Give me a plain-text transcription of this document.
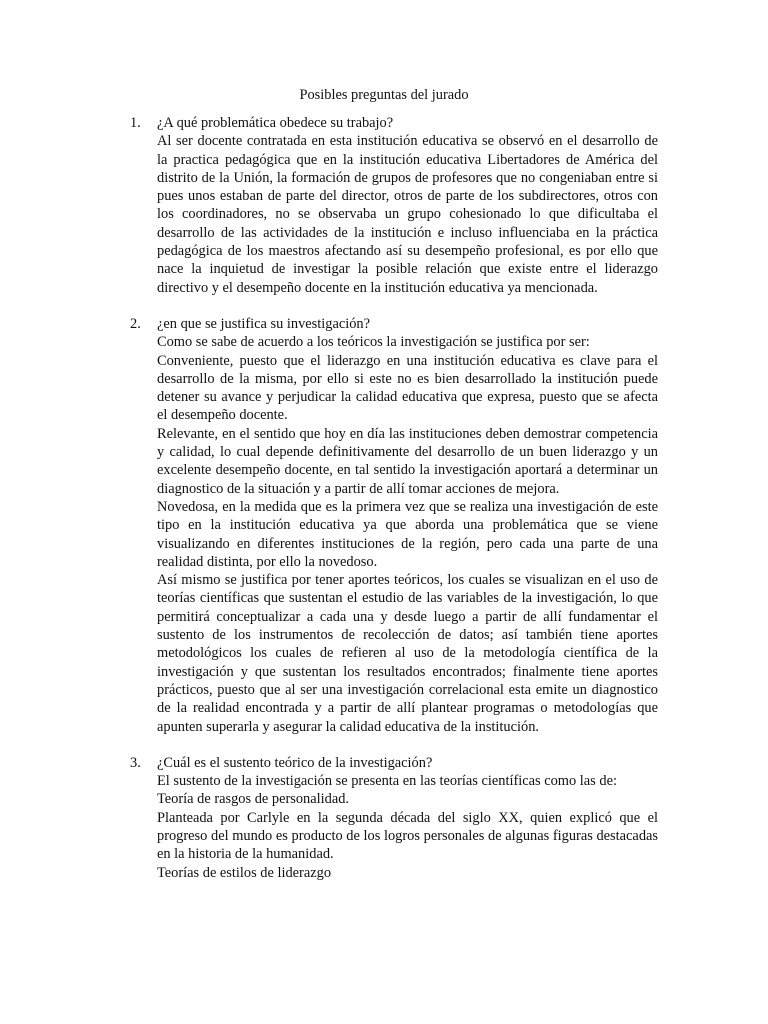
Posibles preguntas del jurado
1. ¿A qué problemática obedece su trabajo?

Al ser docente contratada en esta institución educativa se observó en el desarrollo de la practica pedagógica que en la institución educativa Libertadores de América del distrito de la Unión, la formación de grupos de profesores que no congeniaban entre si pues unos estaban de parte del director, otros de parte de los subdirectores, otros con los coordinadores, no se observaba un grupo cohesionado lo que dificultaba el desarrollo de las actividades de la institución e incluso influenciaba en la práctica pedagógica de los maestros afectando así su desempeño profesional, es por ello que nace la inquietud de investigar la posible relación que existe entre el liderazgo directivo y el desempeño docente en la institución educativa ya mencionada.

2. ¿en que se justifica su investigación?

Como se sabe de acuerdo a los teóricos la investigación se justifica por ser:

Conveniente, puesto que el liderazgo en una institución educativa es clave para el desarrollo de la misma, por ello si este no es bien desarrollado la institución puede detener su avance y perjudicar la calidad educativa que expresa, puesto que se afecta el desempeño docente.

Relevante, en el sentido que hoy en día las instituciones deben demostrar competencia y calidad, lo cual depende definitivamente del desarrollo de un buen liderazgo y un excelente desempeño docente, en tal sentido la investigación aportará a determinar un diagnostico de la situación y a partir de allí tomar acciones de mejora.

Novedosa, en la medida que es la primera vez que se realiza una investigación de este tipo en la institución educativa ya que aborda una problemática que se viene visualizando en diferentes instituciones de la región, pero cada una parte de una realidad distinta, por ello la novedoso.

Así mismo se justifica por tener aportes teóricos, los cuales se visualizan en el uso de teorías científicas que sustentan el estudio de las variables de la investigación, lo que permitirá conceptualizar a cada una y desde luego a partir de allí fundamentar el sustento de los instrumentos de recolección de datos; así también tiene aportes metodológicos los cuales de refieren al uso de la metodología científica de la investigación y que sustentan los resultados encontrados; finalmente tiene aportes prácticos, puesto que al ser una investigación correlacional esta emite un diagnostico de la realidad encontrada y a partir de allí plantear programas o metodologías que apunten superarla y asegurar la calidad educativa de la institución.

3. ¿Cuál es el sustento teórico de la investigación?

El sustento de la investigación se presenta en las teorías científicas como las de:

Teoría de rasgos de personalidad.

Planteada por Carlyle en la segunda década del siglo XX, quien explicó que el progreso del mundo es producto de los logros personales de algunas figuras destacadas en la historia de la humanidad.

Teorías de estilos de liderazgo
